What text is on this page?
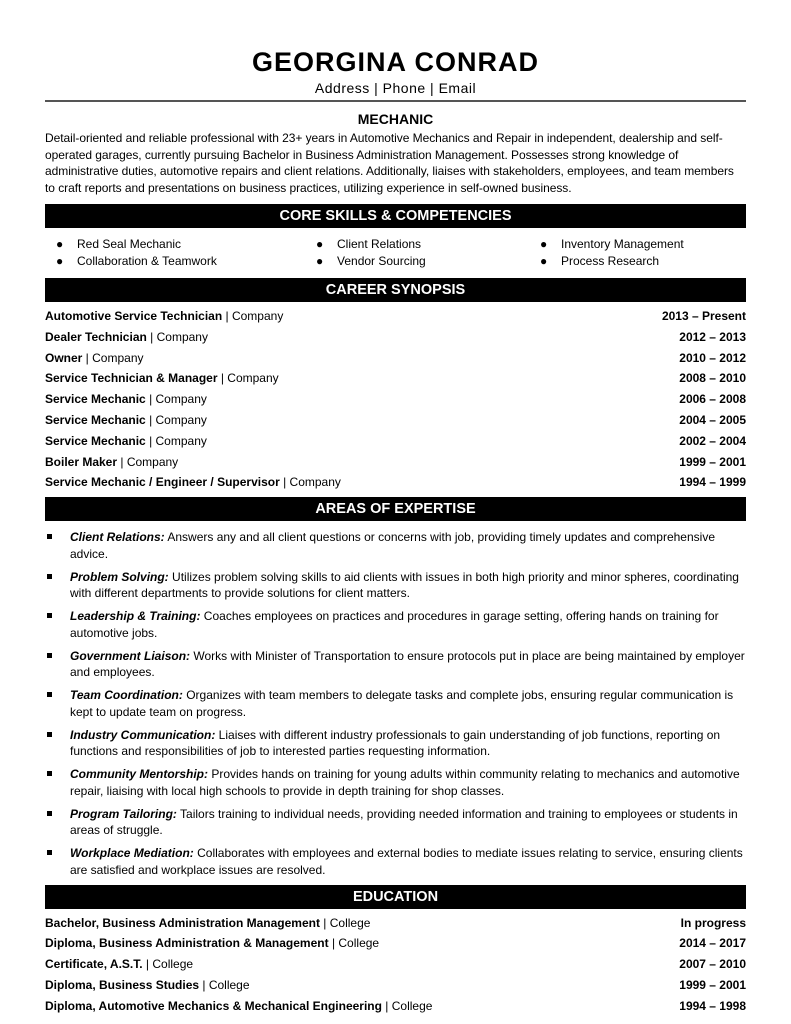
GEORGINA CONRAD
Address | Phone | Email
MECHANIC
Detail-oriented and reliable professional with 23+ years in Automotive Mechanics and Repair in independent, dealership and self-operated garages, currently pursuing Bachelor in Business Administration Management. Possesses strong knowledge of administrative duties, automotive repairs and client relations. Additionally, liaises with stakeholders, employees, and team members to craft reports and presentations on business practices, utilizing experience in self-owned business.
CORE SKILLS & COMPETENCIES
● Red Seal Mechanic	● Client Relations	● Inventory Management
● Collaboration & Teamwork	● Vendor Sourcing	● Process Research
CAREER SYNOPSIS
Automotive Service Technician | Company	2013 – Present
Dealer Technician | Company	2012 – 2013
Owner | Company	2010 – 2012
Service Technician & Manager | Company	2008 – 2010
Service Mechanic | Company	2006 – 2008
Service Mechanic | Company	2004 – 2005
Service Mechanic | Company	2002 – 2004
Boiler Maker | Company	1999 – 2001
Service Mechanic / Engineer / Supervisor | Company	1994 – 1999
AREAS OF EXPERTISE
Client Relations: Answers any and all client questions or concerns with job, providing timely updates and comprehensive advice.
Problem Solving: Utilizes problem solving skills to aid clients with issues in both high priority and minor spheres, coordinating with different departments to provide solutions for client matters.
Leadership & Training: Coaches employees on practices and procedures in garage setting, offering hands on training for automotive jobs.
Government Liaison: Works with Minister of Transportation to ensure protocols put in place are being maintained by employer and employees.
Team Coordination: Organizes with team members to delegate tasks and complete jobs, ensuring regular communication is kept to update team on progress.
Industry Communication: Liaises with different industry professionals to gain understanding of job functions, reporting on functions and responsibilities of job to interested parties requesting information.
Community Mentorship: Provides hands on training for young adults within community relating to mechanics and automotive repair, liaising with local high schools to provide in depth training for shop classes.
Program Tailoring: Tailors training to individual needs, providing needed information and training to employees or students in areas of struggle.
Workplace Mediation: Collaborates with employees and external bodies to mediate issues relating to service, ensuring clients are satisfied and workplace issues are resolved.
EDUCATION
Bachelor, Business Administration Management | College	In progress
Diploma, Business Administration & Management | College	2014 – 2017
Certificate, A.S.T. | College	2007 – 2010
Diploma, Business Studies | College	1999 – 2001
Diploma, Automotive Mechanics & Mechanical Engineering | College	1994 – 1998
